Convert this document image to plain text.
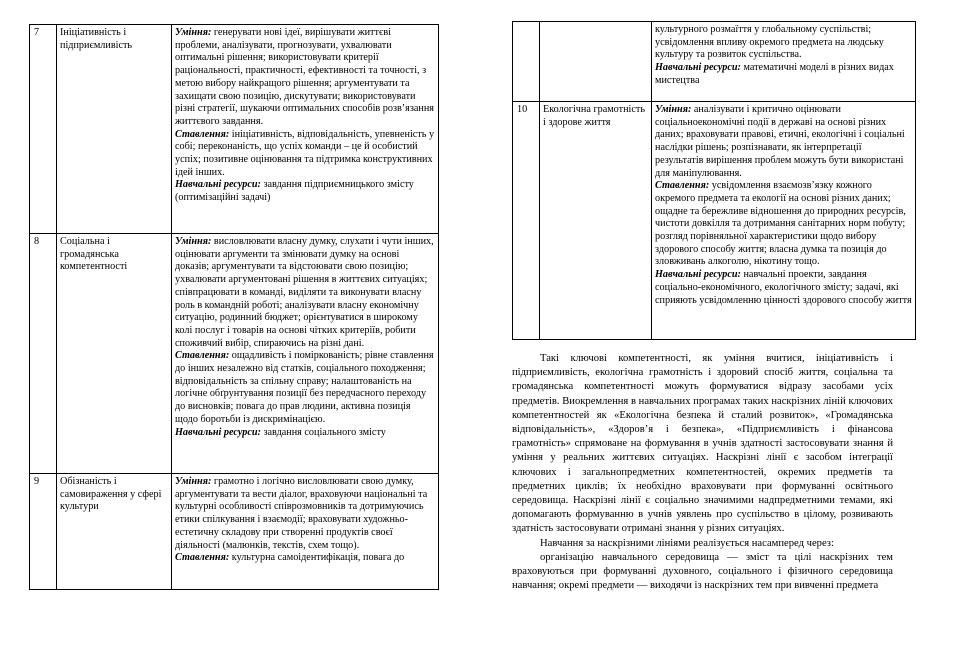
7	Ініціативність і підприємливість	Уміння: генерувати нові ідеї, вирішувати життєві проблеми, аналізувати, прогнозувати, ухвалювати оптимальні рішення; використовувати критерії раціональності, практичності, ефективності та точності, з метою вибору найкращого рішення; аргументувати та захищати свою позицію, дискутувати; використовувати різні стратегії, шукаючи оптимальних способів розв’язання життєвого завдання.
Ставлення: ініціативність, відповідальність, упевненість у собі; переконаність, що успіх команди – це й особистий успіх; позитивне оцінювання та підтримка конструктивних ідей інших.
Навчальні ресурси: завдання підприємницького змісту (оптимізаційні задачі)

8	Соціальна і громадянська компетентності	Уміння: висловлювати власну думку, слухати і чути інших, оцінювати аргументи та змінювати думку на основі доказів; аргументувати та відстоювати свою позицію; ухвалювати аргументовані рішення в життєвих ситуаціях; співпрацювати в команді, виділяти та виконувати власну роль в командній роботі; аналізувати власну економічну ситуацію, родинний бюджет; орієнтуватися в широкому колі послуг і товарів на основі чітких критеріїв, робити споживчий вибір, спираючись на різні дані.
Ставлення: ощадливість і поміркованість; рівне ставлення до інших незалежно від статків, соціального походження; відповідальність за спільну справу; налаштованість на логічне обґрунтування позиції без передчасного переходу до висновків; повага до прав людини, активна позиція щодо боротьби із дискримінацією.
Навчальні ресурси: завдання соціального змісту

9	Обізнаність і самовираження у сфері культури	Уміння: грамотно і логічно висловлювати свою думку, аргументувати та вести діалог, враховуючи національні та культурні особливості співрозмовників та дотримуючись етики спілкування і взаємодії; враховувати художньо-естетичну складову при створенні продуктів своєї діяльності (малюнків, текстів, схем тощо).
Ставлення: культурна самоідентифікація, повага до

		культурного розмаїття у глобальному суспільстві; усвідомлення впливу окремого предмета на людську культуру та розвиток суспільства.
Навчальні ресурси: математичні моделі в різних видах мистецтва

10	Екологічна грамотність і здорове життя	Уміння: аналізувати і критично оцінювати соціальноекономічні події в державі на основі різних даних; враховувати правові, етичні, екологічні і соціальні наслідки рішень; розпізнавати, як інтерпретації результатів вирішення проблем можуть бути використані для маніпулювання.
Ставлення: усвідомлення взаємозв’язку кожного окремого предмета та екології на основі різних даних; ощадне та бережливе відношення до природних ресурсів, чистоти довкілля та дотримання санітарних норм побуту; розгляд порівняльної характеристики щодо вибору здорового способу життя; власна думка та позиція до зловживань алкоголю, нікотину тощо.
Навчальні ресурси: навчальні проекти, завдання соціально-економічного, екологічного змісту; задачі, які сприяють усвідомленню цінності здорового способу життя

Такі ключові компетентності, як уміння вчитися, ініціативність і підприємливість, екологічна грамотність і здоровий спосіб життя, соціальна та громадянська компетентності можуть формуватися відразу засобами усіх предметів. Виокремлення в навчальних програмах таких наскрізних ліній ключових компетентностей як «Екологічна безпека й сталий розвиток», «Громадянська відповідальність», «Здоров’я і безпека», «Підприємливість і фінансова грамотність» спрямоване на формування в учнів здатності застосовувати знання й уміння у реальних життєвих ситуаціях. Наскрізні лінії є засобом інтеграції ключових і загальнопредметних компетентностей, окремих предметів та предметних циклів; їх необхідно враховувати при формуванні освітнього середовища. Наскрізні лінії є соціально значимими надпредметними темами, які допомагають формуванню в учнів уявлень про суспільство в цілому, розвивають здатність застосовувати отримані знання у різних ситуаціях.

Навчання за наскрізними лініями реалізується насамперед через:

організацію навчального середовища — зміст та цілі наскрізних тем враховуються при формуванні духовного, соціального і фізичного середовища навчання; окремі предмети — виходячи із наскрізних тем при вивченні предмета
